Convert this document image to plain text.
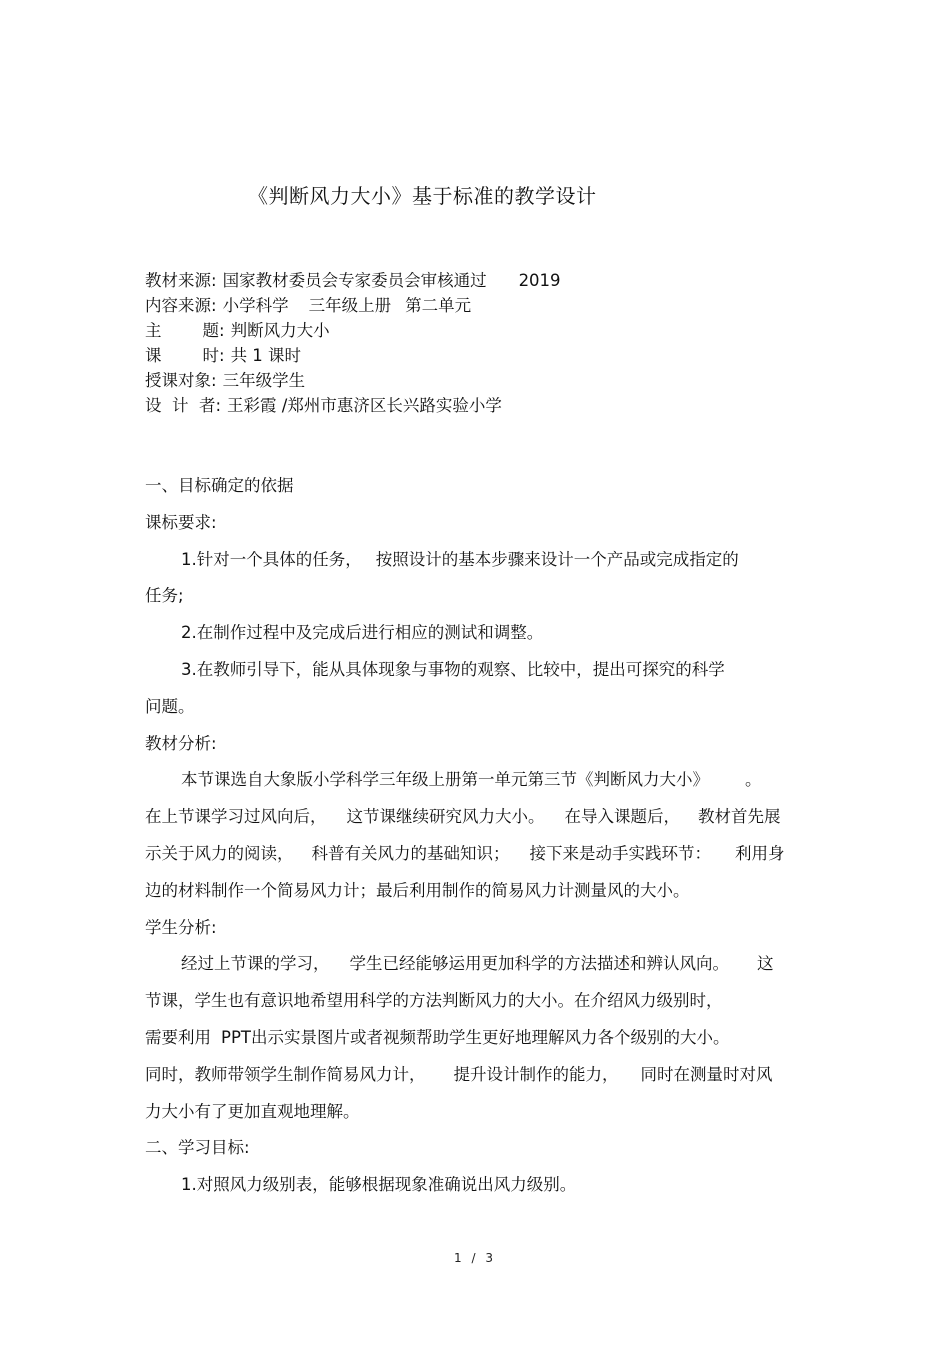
《判断风力大小》基于标准的教学设计
教材来源: 国家教材委员会专家委员会审核通过 2019
内容来源: 小学科学 三年级上册 第二单元
主 题: 判断风力大小
课 时: 共 1 课时
授课对象: 三年级学生
设  计  者: 王彩霞 /郑州市惠济区长兴路实验小学
一、目标确定的依据
课标要求:
1.针对一个具体的任务， 按照设计的基本步骤来设计一个产品或完成指定的
任务;
2.在制作过程中及完成后进行相应的测试和调整。
3.在教师引导下，能从具体现象与事物的观察、比较中，提出可探究的科学
问题。
教材分析:
本节课选自大象版小学科学三年级上册第一单元第三节《判断风力大小》 。
在上节课学习过风向后， 这节课继续研究风力大小。 在导入课题后， 教材首先展
示关于风力的阅读， 科普有关风力的基础知识； 接下来是动手实践环节： 利用身
边的材料制作一个简易风力计；最后利用制作的简易风力计测量风的大小。
学生分析:
经过上节课的学习， 学生已经能够运用更加科学的方法描述和辨认风向。 这
节课，学生也有意识地希望用科学的方法判断风力的大小。在介绍风力级别时，
需要利用 PPT出示实景图片或者视频帮助学生更好地理解风力各个级别的大小。
同时，教师带领学生制作简易风力计， 提升设计制作的能力， 同时在测量时对风
力大小有了更加直观地理解。
二、学习目标:
1.对照风力级别表，能够根据现象准确说出风力级别。
1 / 3
